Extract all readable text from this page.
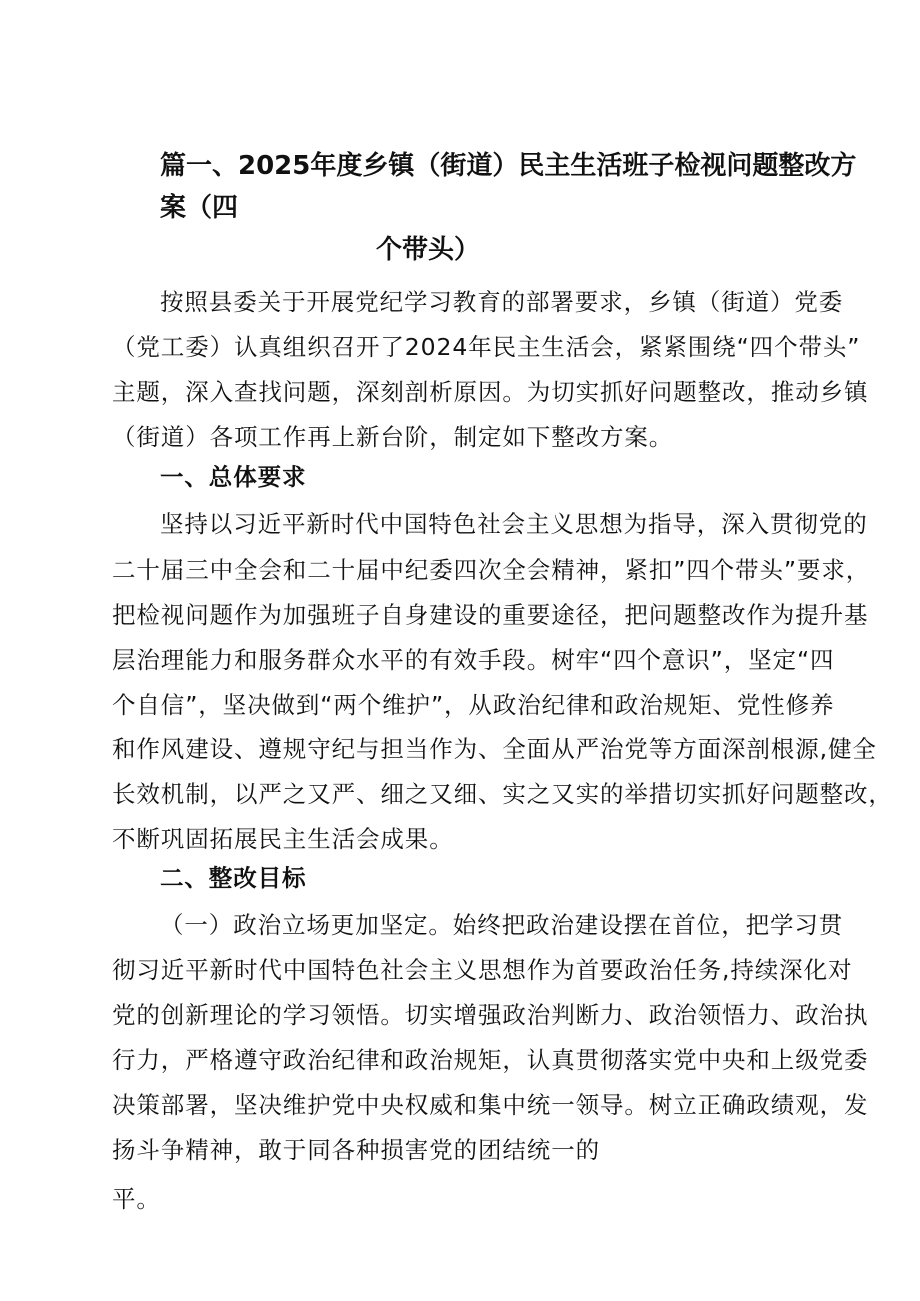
篇一、2025年度乡镇（街道）民主生活班子检视问题整改方案（四
个带头）

按照县委关于开展党纪学习教育的部署要求，乡镇（街道）党委

（党工委）认真组织召开了2024年民主生活会，紧紧围绕“四个带头”

主题，深入查找问题，深刻剖析原因。为切实抓好问题整改，推动乡镇

（街道）各项工作再上新台阶，制定如下整改方案。

一、总体要求

坚持以习近平新时代中国特色社会主义思想为指导，深入贯彻党的

二十届三中全会和二十届中纪委四次全会精神，紧扣”四个带头”要求，

把检视问题作为加强班子自身建设的重要途径，把问题整改作为提升基

层治理能力和服务群众水平的有效手段。树牢“四个意识”，坚定“四

个自信”，坚决做到“两个维护”，从政治纪律和政治规矩、党性修养

和作风建设、遵规守纪与担当作为、全面从严治党等方面深剖根源,健全

长效机制，以严之又严、细之又细、实之又实的举措切实抓好问题整改，

不断巩固拓展民主生活会成果。

二、整改目标

（一）政治立场更加坚定。始终把政治建设摆在首位，把学习贯

彻习近平新时代中国特色社会主义思想作为首要政治任务,持续深化对

党的创新理论的学习领悟。切实增强政治判断力、政治领悟力、政治执

行力，严格遵守政治纪律和政治规矩，认真贯彻落实党中央和上级党委

决策部署，坚决维护党中央权威和集中统一领导。树立正确政绩观，发

扬斗争精神，敢于同各种损害党的团结统一的

平。
